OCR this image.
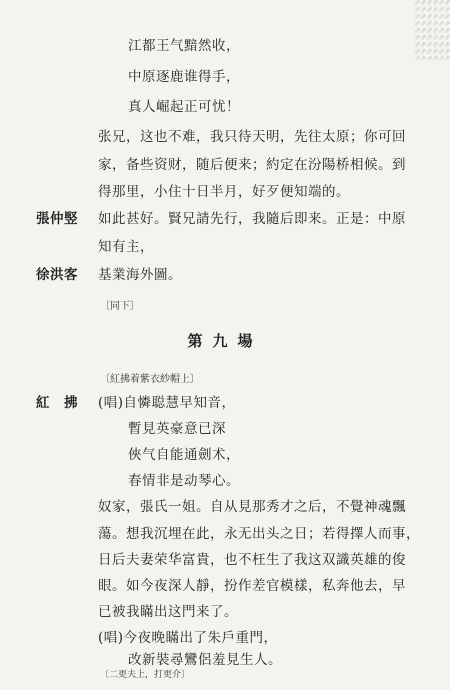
江都王气黯然收，
中原逐鹿谁得手，
真人崛起正可忧！
张兄，这也不难，我只待天明，先往太原；你可回
家，备些资财，随后便来；約定在汾陽桥相候。到
得那里，小住十日半月，好歹便知端的。
張仲竪 如此甚好。賢兄請先行，我隨后即来。正是：中原
知有主，
徐洪客 基業海外圖。
〔同下〕
第九場
〔紅拂着紫衣紗帽上〕
紅　拂 (唱)自憐聪慧早知音，
暫見英豪意已深
俠气自能通劍术，
春情非是动琴心。
奴家，張氏一姐。自从見那秀才之后，不覺神魂飄
蕩。想我沉埋在此，永无出头之日；若得擇人而事，
日后夫妻荣华富貴，也不枉生了我这双識英雄的俊
眼。如今夜深人靜，扮作差官模樣，私奔他去，早
已被我瞞出这門来了。
(唱)今夜晚瞞出了朱戶重門，
改新裝尋鸞侶羞見生人。
〔二更夫上，打更介〕
